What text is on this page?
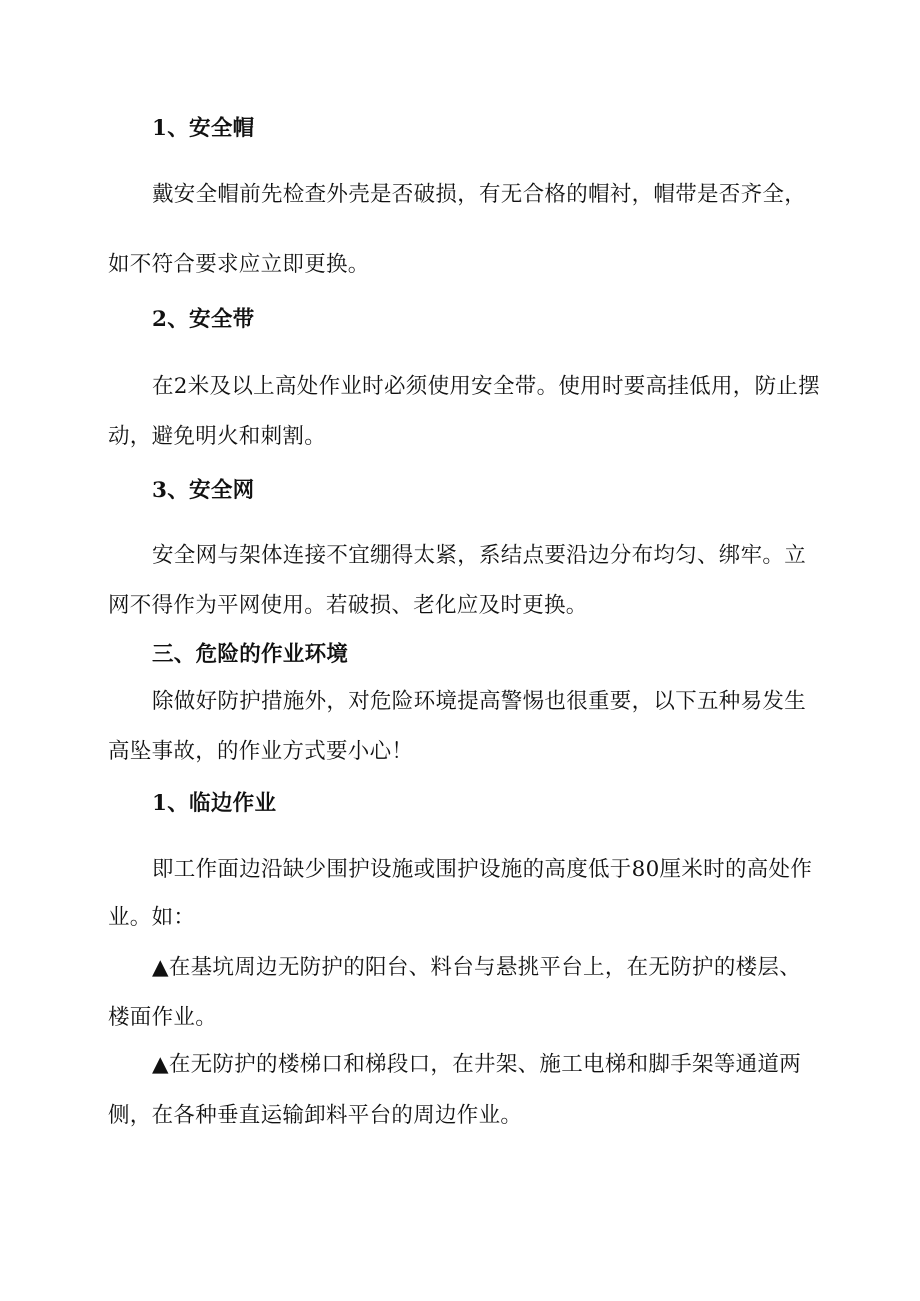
1、安全帽

戴安全帽前先检查外壳是否破损，有无合格的帽衬，帽带是否齐全，

如不符合要求应立即更换。

2、安全带

在2米及以上高处作业时必须使用安全带。使用时要高挂低用，防止摆

动，避免明火和刺割。

3、安全网

安全网与架体连接不宜绷得太紧，系结点要沿边分布均匀、绑牢。立

网不得作为平网使用。若破损、老化应及时更换。

三、危险的作业环境

除做好防护措施外，对危险环境提高警惕也很重要，以下五种易发生

高坠事故，的作业方式要小心！

1、临边作业

即工作面边沿缺少围护设施或围护设施的高度低于80厘米时的高处作

业。如：

▲在基坑周边无防护的阳台、料台与悬挑平台上，在无防护的楼层、

楼面作业。

▲在无防护的楼梯口和梯段口，在井架、施工电梯和脚手架等通道两

侧，在各种垂直运输卸料平台的周边作业。
